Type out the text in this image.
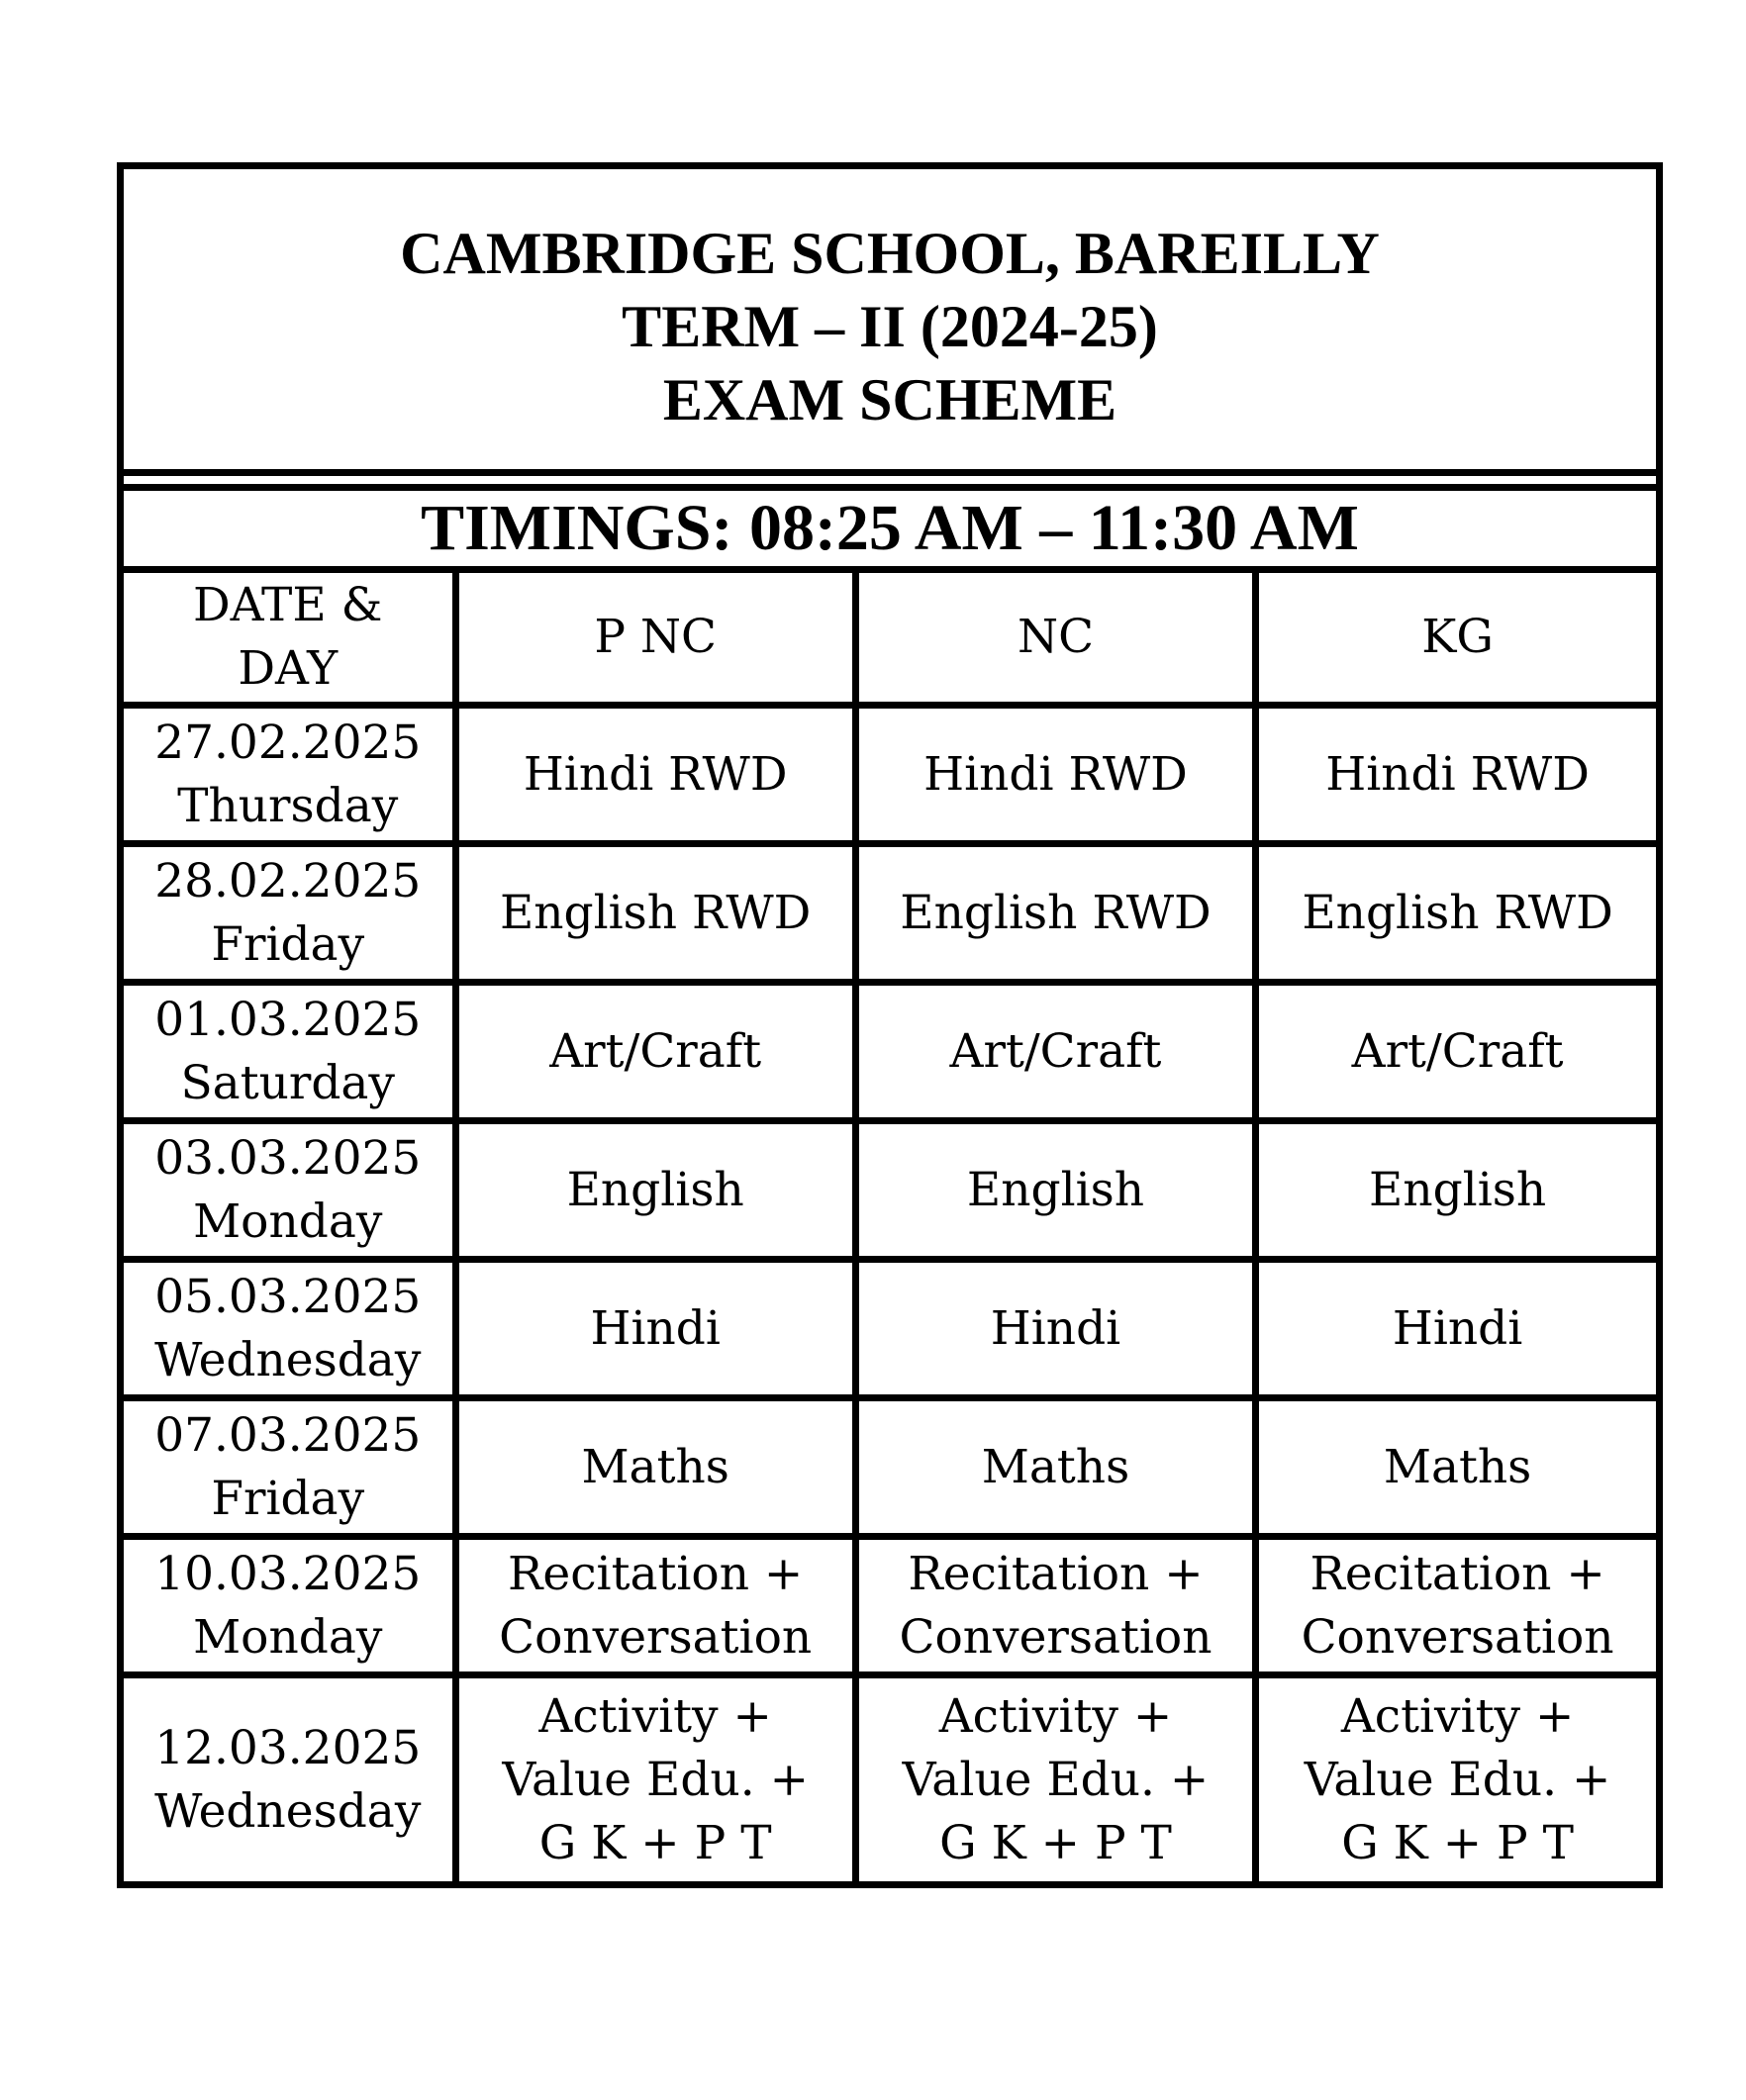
CAMBRIDGE SCHOOL, BAREILLY
TERM – II (2024-25)
EXAM SCHEME
TIMINGS: 08:25 AM – 11:30 AM
DATE &
DAY	P NC	NC	KG

27.02.2025
Thursday	Hindi RWD	Hindi RWD	Hindi RWD

28.02.2025
Friday	English RWD	English RWD	English RWD

01.03.2025
Saturday	Art/Craft	Art/Craft	Art/Craft

03.03.2025
Monday	English	English	English

05.03.2025
Wednesday	Hindi	Hindi	Hindi

07.03.2025
Friday	Maths	Maths	Maths

10.03.2025
Monday	Recitation +
Conversation	Recitation +
Conversation	Recitation +
Conversation

12.03.2025
Wednesday	Activity +
Value Edu. +
G K + P T	Activity +
Value Edu. +
G K + P T	Activity +
Value Edu. +
G K + P T
